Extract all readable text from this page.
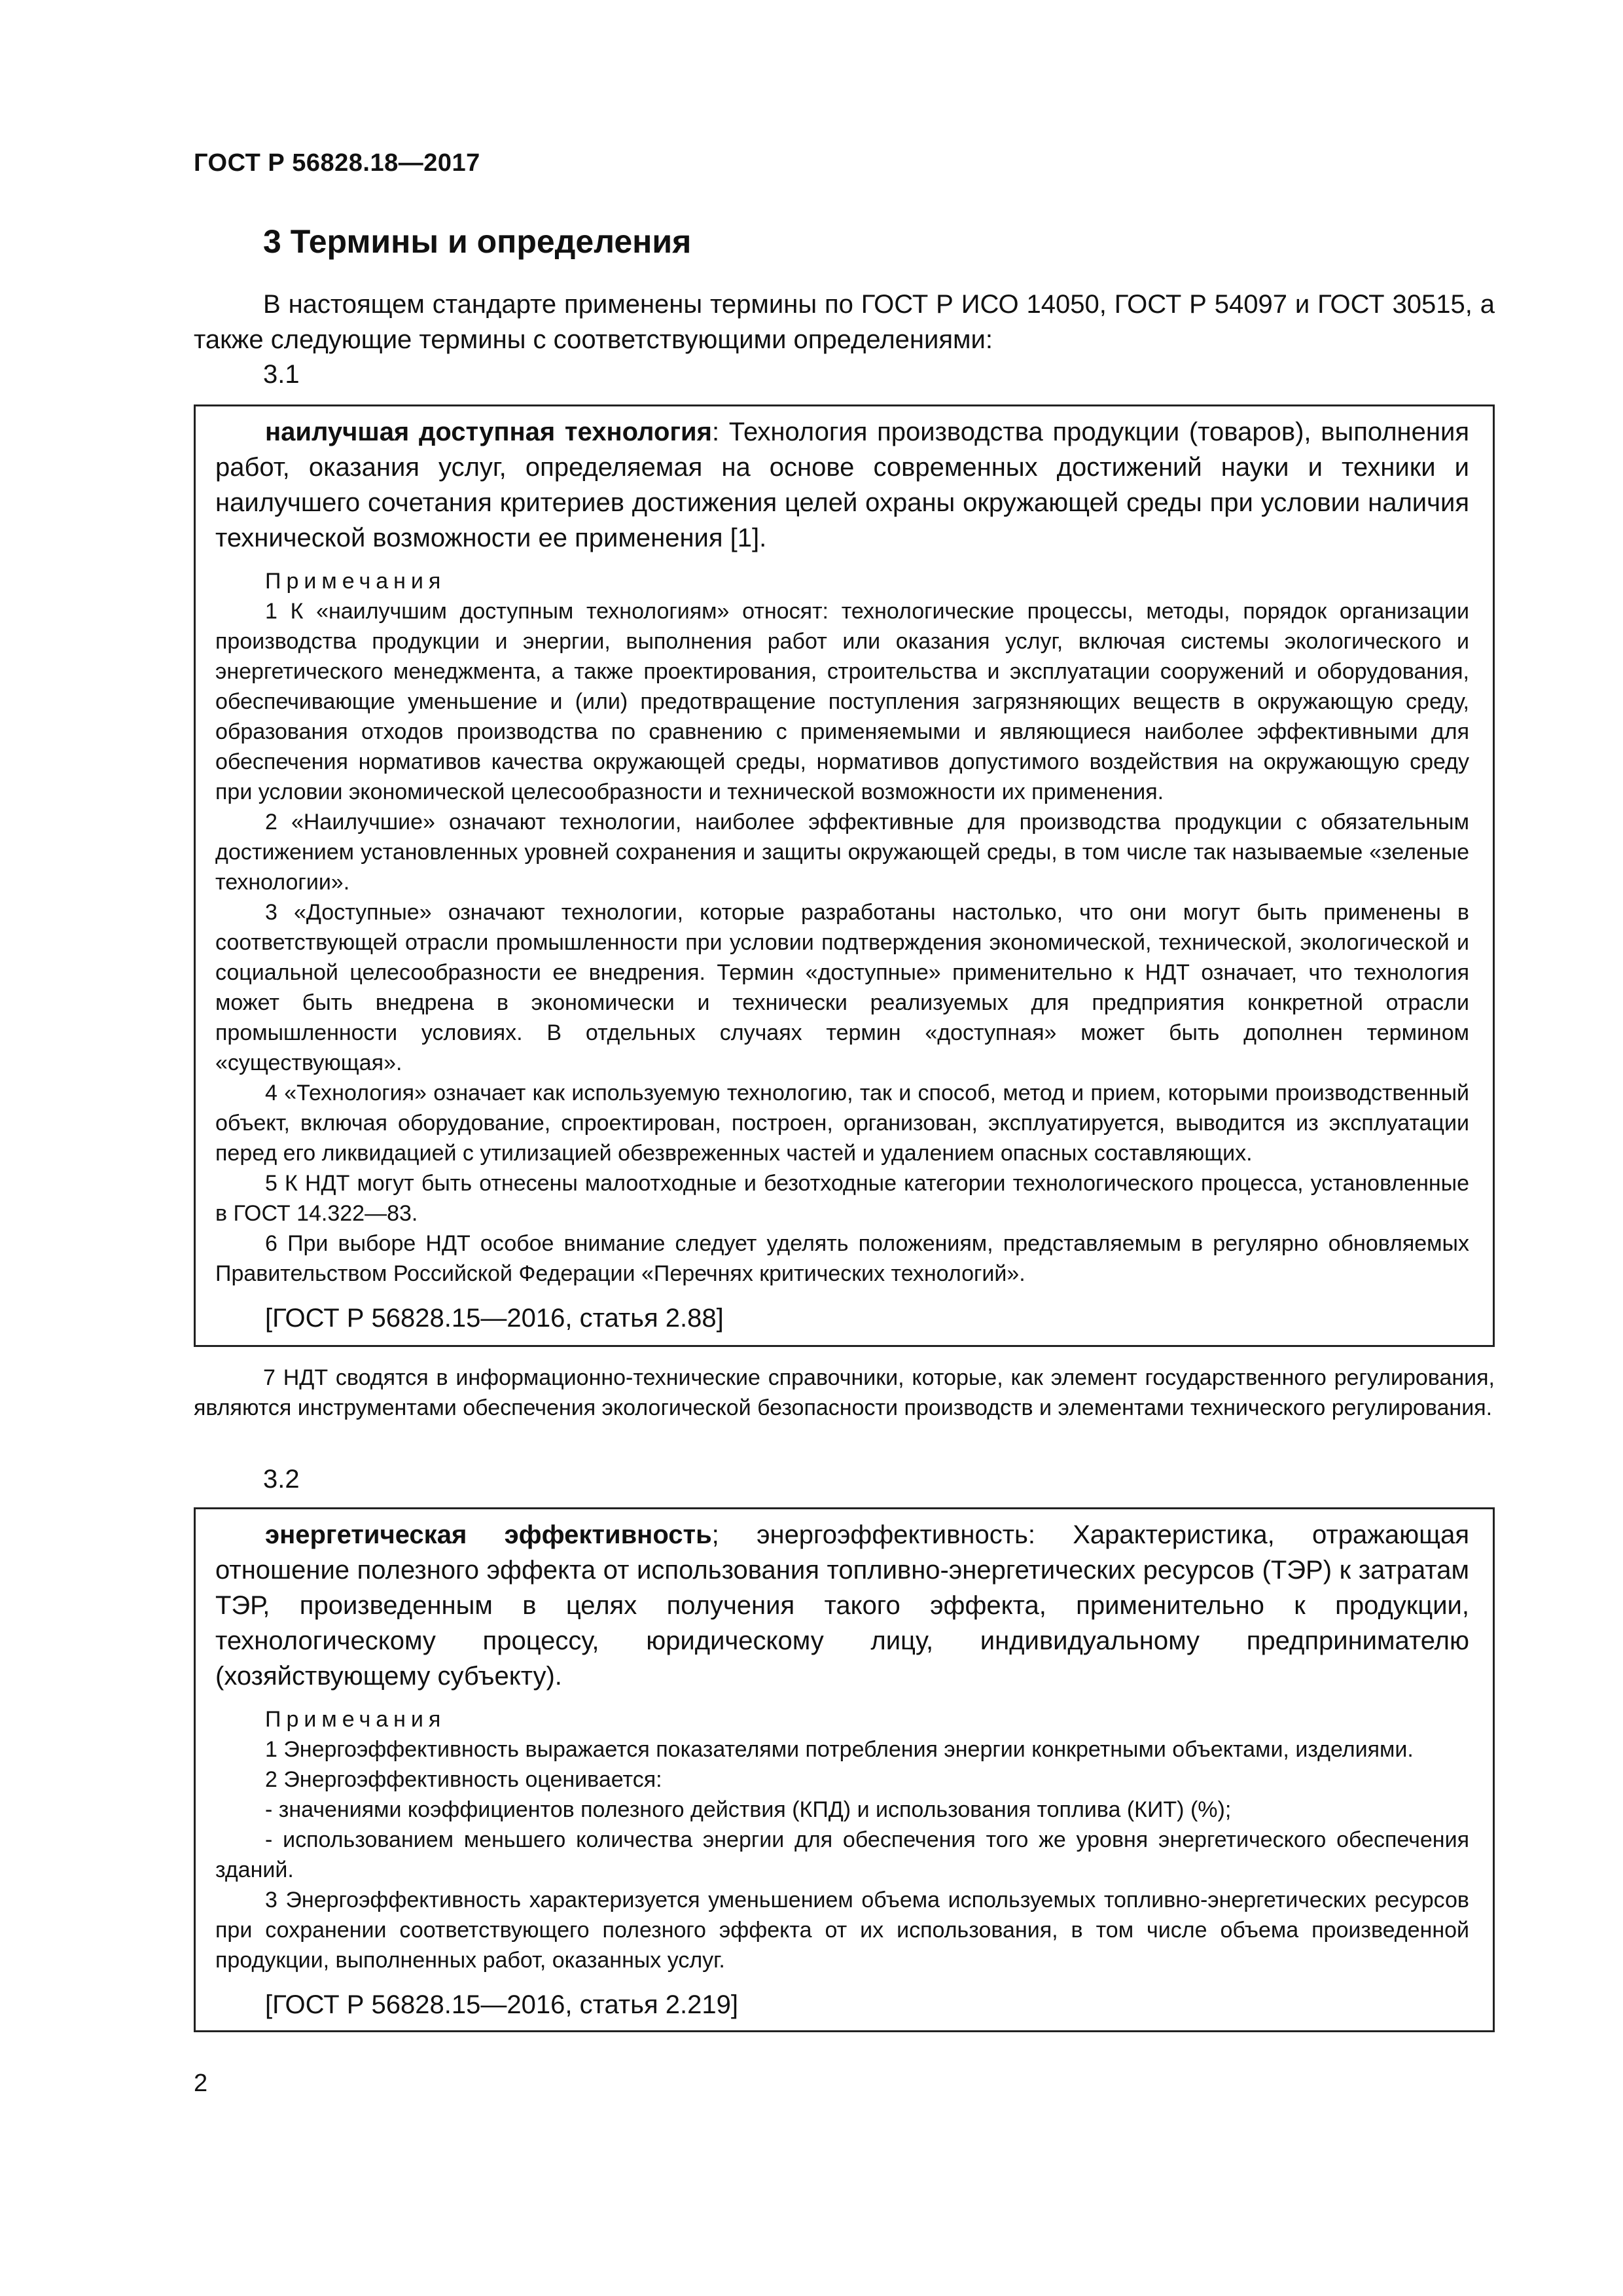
ГОСТ Р 56828.18—2017
3 Термины и определения

В настоящем стандарте применены термины по ГОСТ Р ИСО 14050, ГОСТ Р 54097 и ГОСТ 30515, а также следующие термины с соответствующими определениями:

3.1

наилучшая доступная технология: Технология производства продукции (товаров), выполнения работ, оказания услуг, определяемая на основе современных достижений науки и техники и наилучшего сочетания критериев достижения целей охраны окружающей среды при условии наличия технической возможности ее применения [1].

Примечания

1 К «наилучшим доступным технологиям» относят: технологические процессы, методы, порядок организации производства продукции и энергии, выполнения работ или оказания услуг, включая системы экологического и энергетического менеджмента, а также проектирования, строительства и эксплуатации сооружений и оборудования, обеспечивающие уменьшение и (или) предотвращение поступления загрязняющих веществ в окружающую среду, образования отходов производства по сравнению с применяемыми и являющиеся наиболее эффективными для обеспечения нормативов качества окружающей среды, нормативов допустимого воздействия на окружающую среду при условии экономической целесообразности и технической возможности их применения.

2 «Наилучшие» означают технологии, наиболее эффективные для производства продукции с обязательным достижением установленных уровней сохранения и защиты окружающей среды, в том числе так называемые «зеленые технологии».

3 «Доступные» означают технологии, которые разработаны настолько, что они могут быть применены в соответствующей отрасли промышленности при условии подтверждения экономической, технической, экологической и социальной целесообразности ее внедрения. Термин «доступные» применительно к НДТ означает, что технология может быть внедрена в экономически и технически реализуемых для предприятия конкретной отрасли промышленности условиях. В отдельных случаях термин «доступная» может быть дополнен термином «существующая».

4 «Технология» означает как используемую технологию, так и способ, метод и прием, которыми производственный объект, включая оборудование, спроектирован, построен, организован, эксплуатируется, выводится из эксплуатации перед его ликвидацией с утилизацией обезвреженных частей и удалением опасных составляющих.

5 К НДТ могут быть отнесены малоотходные и безотходные категории технологического процесса, установленные в ГОСТ 14.322—83.

6 При выборе НДТ особое внимание следует уделять положениям, представляемым в регулярно обновляемых Правительством Российской Федерации «Перечнях критических технологий».

[ГОСТ Р 56828.15—2016, статья 2.88]

7 НДТ сводятся в информационно-технические справочники, которые, как элемент государственного регулирования, являются инструментами обеспечения экологической безопасности производств и элементами технического регулирования.

3.2

энергетическая эффективность; энергоэффективность: Характеристика, отражающая отношение полезного эффекта от использования топливно-энергетических ресурсов (ТЭР) к затратам ТЭР, произведенным в целях получения такого эффекта, применительно к продукции, технологическому процессу, юридическому лицу, индивидуальному предпринимателю (хозяйствующему субъекту).

Примечания

1 Энергоэффективность выражается показателями потребления энергии конкретными объектами, изделиями.

2 Энергоэффективность оценивается:

- значениями коэффициентов полезного действия (КПД) и использования топлива (КИТ) (%);

- использованием меньшего количества энергии для обеспечения того же уровня энергетического обеспечения зданий.

3 Энергоэффективность характеризуется уменьшением объема используемых топливно-энергетических ресурсов при сохранении соответствующего полезного эффекта от их использования, в том числе объема произведенной продукции, выполненных работ, оказанных услуг.

[ГОСТ Р 56828.15—2016, статья 2.219]

2
